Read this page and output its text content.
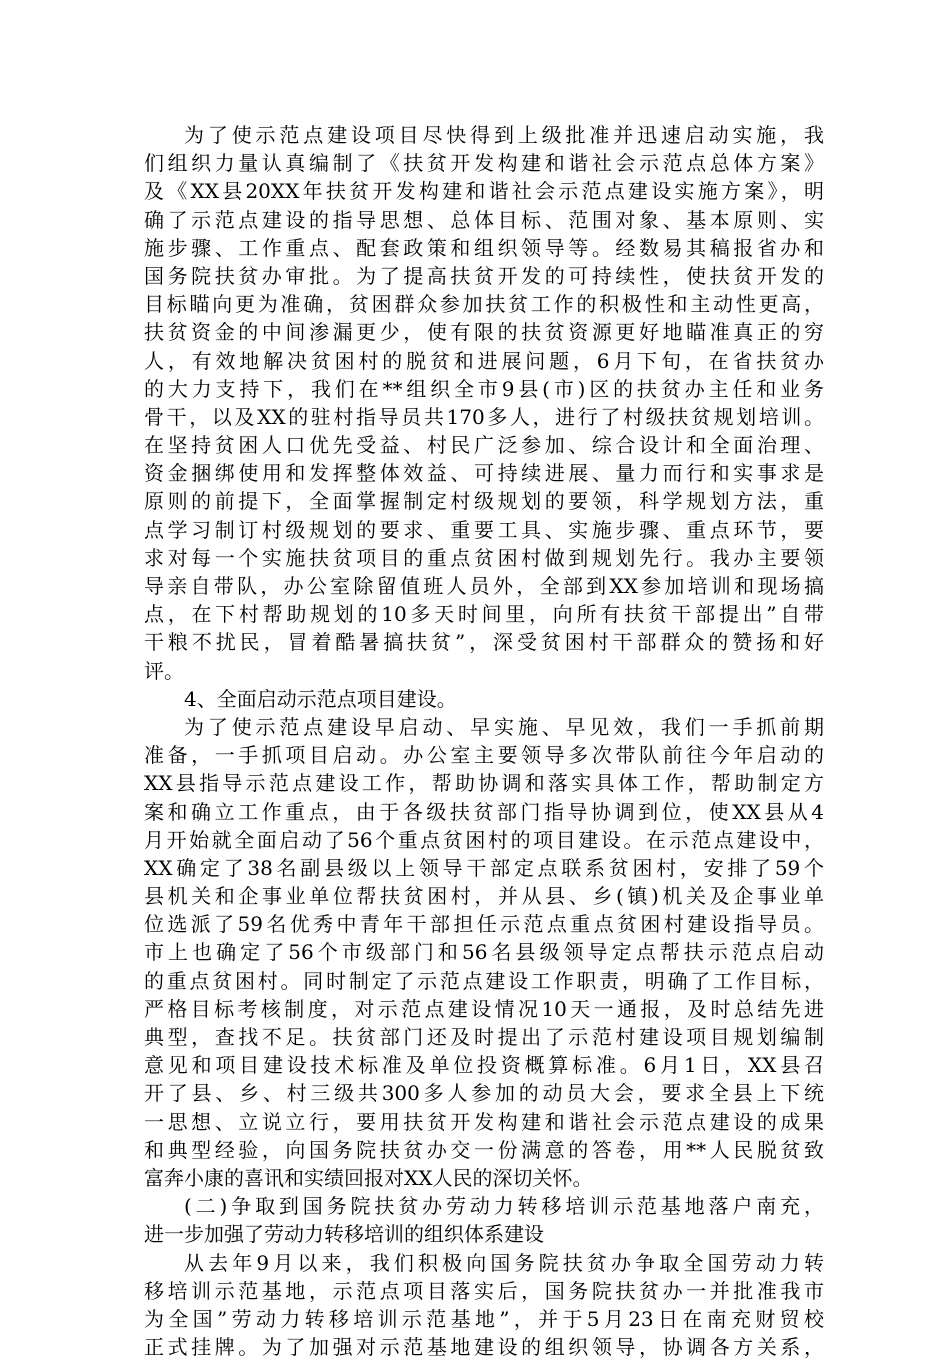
为了使示范点建设项目尽快得到上级批准并迅速启动实施，我
们组织力量认真编制了《扶贫开发构建和谐社会示范点总体方案》
及《XX县20XX年扶贫开发构建和谐社会示范点建设实施方案》，明
确了示范点建设的指导思想、总体目标、范围对象、基本原则、实
施步骤、工作重点、配套政策和组织领导等。经数易其稿报省办和
国务院扶贫办审批。为了提高扶贫开发的可持续性，使扶贫开发的
目标瞄向更为准确，贫困群众参加扶贫工作的积极性和主动性更高，
扶贫资金的中间渗漏更少，使有限的扶贫资源更好地瞄准真正的穷
人，有效地解决贫困村的脱贫和进展问题，6月下旬，在省扶贫办
的大力支持下，我们在**组织全市9县(市)区的扶贫办主任和业务
骨干，以及XX的驻村指导员共170多人，进行了村级扶贫规划培训。
在坚持贫困人口优先受益、村民广泛参加、综合设计和全面治理、
资金捆绑使用和发挥整体效益、可持续进展、量力而行和实事求是
原则的前提下，全面掌握制定村级规划的要领，科学规划方法，重
点学习制订村级规划的要求、重要工具、实施步骤、重点环节，要
求对每一个实施扶贫项目的重点贫困村做到规划先行。我办主要领
导亲自带队，办公室除留值班人员外，全部到XX参加培训和现场搞
点，在下村帮助规划的10多天时间里，向所有扶贫干部提出”自带
干粮不扰民，冒着酷暑搞扶贫”，深受贫困村干部群众的赞扬和好
评。
4、全面启动示范点项目建设。
为了使示范点建设早启动、早实施、早见效，我们一手抓前期
准备，一手抓项目启动。办公室主要领导多次带队前往今年启动的
XX县指导示范点建设工作，帮助协调和落实具体工作，帮助制定方
案和确立工作重点，由于各级扶贫部门指导协调到位，使XX县从4
月开始就全面启动了56个重点贫困村的项目建设。在示范点建设中，
XX确定了38名副县级以上领导干部定点联系贫困村，安排了59个
县机关和企事业单位帮扶贫困村，并从县、乡(镇)机关及企事业单
位选派了59名优秀中青年干部担任示范点重点贫困村建设指导员。
市上也确定了56个市级部门和56名县级领导定点帮扶示范点启动
的重点贫困村。同时制定了示范点建设工作职责，明确了工作目标，
严格目标考核制度，对示范点建设情况10天一通报，及时总结先进
典型，查找不足。扶贫部门还及时提出了示范村建设项目规划编制
意见和项目建设技术标准及单位投资概算标准。6月1日，XX县召
开了县、乡、村三级共300多人参加的动员大会，要求全县上下统
一思想、立说立行，要用扶贫开发构建和谐社会示范点建设的成果
和典型经验，向国务院扶贫办交一份满意的答卷，用**人民脱贫致
富奔小康的喜讯和实绩回报对XX人民的深切关怀。
(二)争取到国务院扶贫办劳动力转移培训示范基地落户南充，
进一步加强了劳动力转移培训的组织体系建设
从去年9月以来，我们积极向国务院扶贫办争取全国劳动力转
移培训示范基地，示范点项目落实后，国务院扶贫办一并批准我市
为全国”劳动力转移培训示范基地”，并于5月23日在南充财贸校
正式挂牌。为了加强对示范基地建设的组织领导，协调各方关系，
